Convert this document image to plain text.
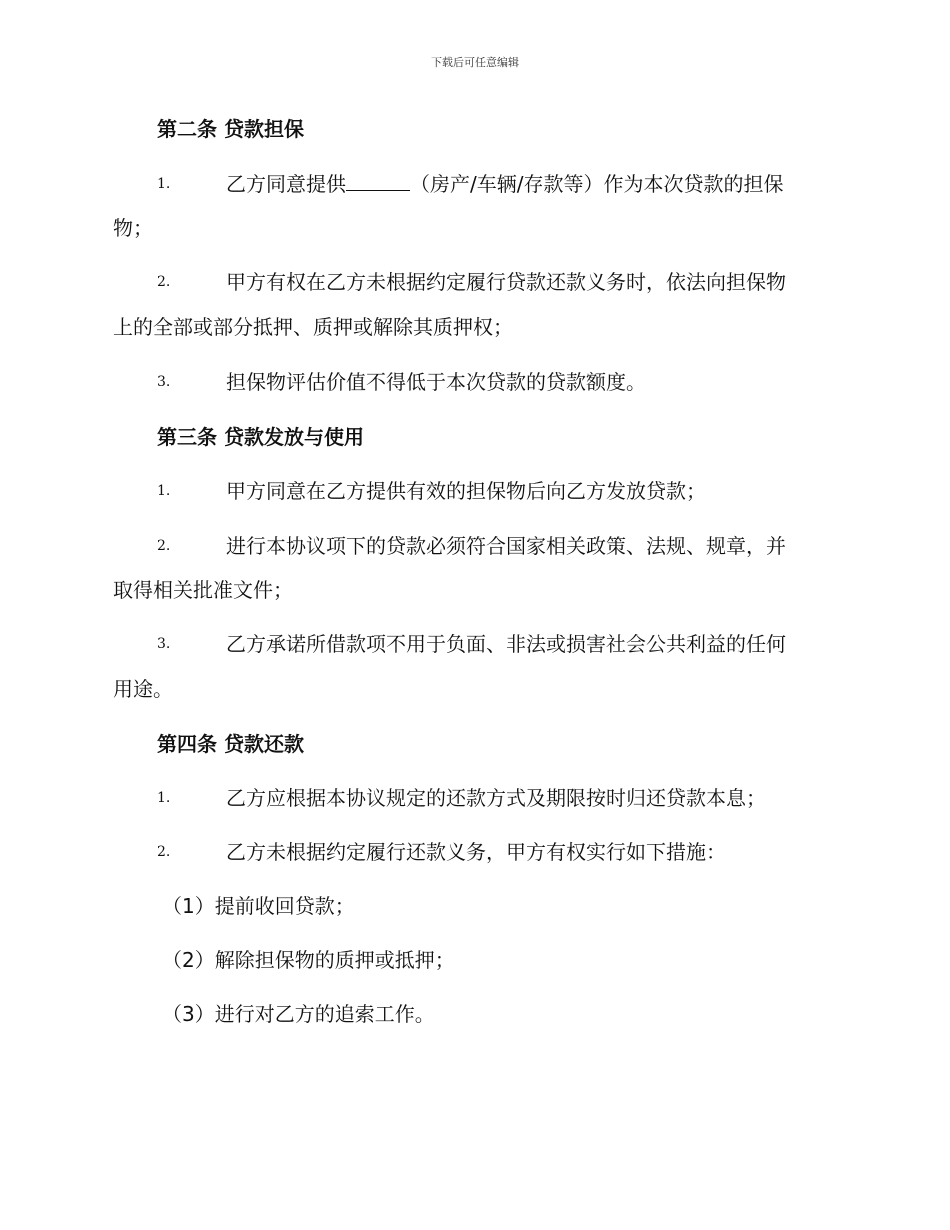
下载后可任意编辑
第二条 贷款担保
1.	乙方同意提供	（房产/车辆/存款等）作为本次贷款的担保
物；
2.	甲方有权在乙方未根据约定履行贷款还款义务时，依法向担保物
上的全部或部分抵押、质押或解除其质押权；
3.	担保物评估价值不得低于本次贷款的贷款额度。
第三条 贷款发放与使用
1.	甲方同意在乙方提供有效的担保物后向乙方发放贷款；
2.	进行本协议项下的贷款必须符合国家相关政策、法规、规章，并
取得相关批准文件；
3.	乙方承诺所借款项不用于负面、非法或损害社会公共利益的任何
用途。
第四条 贷款还款
1.	乙方应根据本协议规定的还款方式及期限按时归还贷款本息；
2.	乙方未根据约定履行还款义务，甲方有权实行如下措施：
（1）提前收回贷款；
（2）解除担保物的质押或抵押；
（3）进行对乙方的追索工作。
